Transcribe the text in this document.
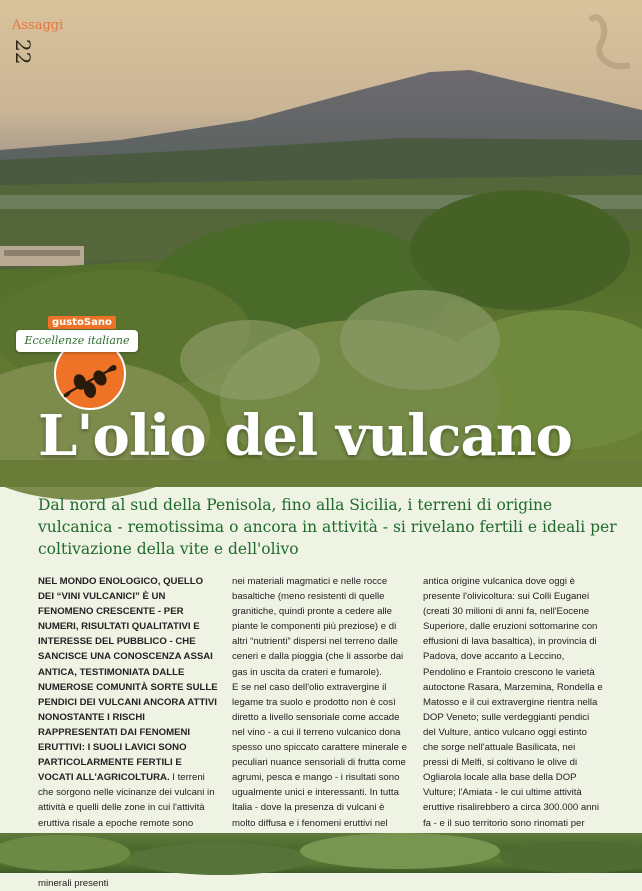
Assaggi
22
gustoSano
Eccellenze italiane
L'olio del vulcano

Dal nord al sud della Penisola, fino alla Sicilia, i terreni di origine vulcanica - remotissima o ancora in attività - si rivelano fertili e ideali per coltivazione della vite e dell'olivo

NEL MONDO ENOLOGICO, QUELLO DEI “VINI VULCANICI” È UN FENOMENO CRESCENTE - PER NUMERI, RISULTATI QUALITATIVI E INTERESSE DEL PUBBLICO - CHE SANCISCE UNA CONOSCENZA ASSAI ANTICA, TESTIMONIATA DALLE NUMEROSE COMUNITÀ SORTE SULLE PENDICI DEI VULCANI ANCORA ATTIVI NONOSTANTE I RISCHI RAPPRESENTATI DAI FENOMENI ERUTTIVI: I SUOLI LAVICI SONO PARTICOLARMENTE FERTILI E VOCATI ALL'AGRICOLTURA. I terreni che sorgono nelle vicinanze dei vulcani in attività e quelli delle zone in cui l'attività eruttiva risale a epoche remote sono minerali presenti
nei materiali magmatici e nelle rocce basaltiche (meno resistenti di quelle granitiche, quindi pronte a cedere alle piante le componenti più preziose) e di altri “nutrienti” dispersi nel terreno dalle ceneri e dalla pioggia (che li assorbe dai gas in uscita da crateri e fumarole).
E se nel caso dell'olio extravergine il legame tra suolo e prodotto non è così diretto a livello sensoriale come accade nel vino - a cui il terreno vulcanico dona spesso uno spiccato carattere minerale e peculiari nuance sensoriali di frutta come agrumi, pesca e mango - i risultati sono ugualmente unici e interessanti. In tutta Italia - dove la presenza di vulcani è molto diffusa e i fenomeni eruttivi nel
antica origine vulcanica dove oggi è presente l'olivicoltura: sui Colli Euganei (creati 30 milioni di anni fa, nell'Eocene Superiore, dalle eruzioni sottomarine con effusioni di lava basaltica), in provincia di Padova, dove accanto a Leccino, Pendolino e Frantoio crescono le varietà autoctone Rasara, Marzemina, Rondella e Matosso e il cui extravergine rientra nella DOP Veneto; sulle verdeggianti pendici del Vulture, antico vulcano oggi estinto che sorge nell'attuale Basilicata, nei pressi di Melfi, si coltivano le olive di Ogliarola locale alla base della DOP Vulture; l'Amiata - le cui ultime attività eruttive risalirebbero a circa 300.000 anni fa - e il suo territorio sono rinomati per
